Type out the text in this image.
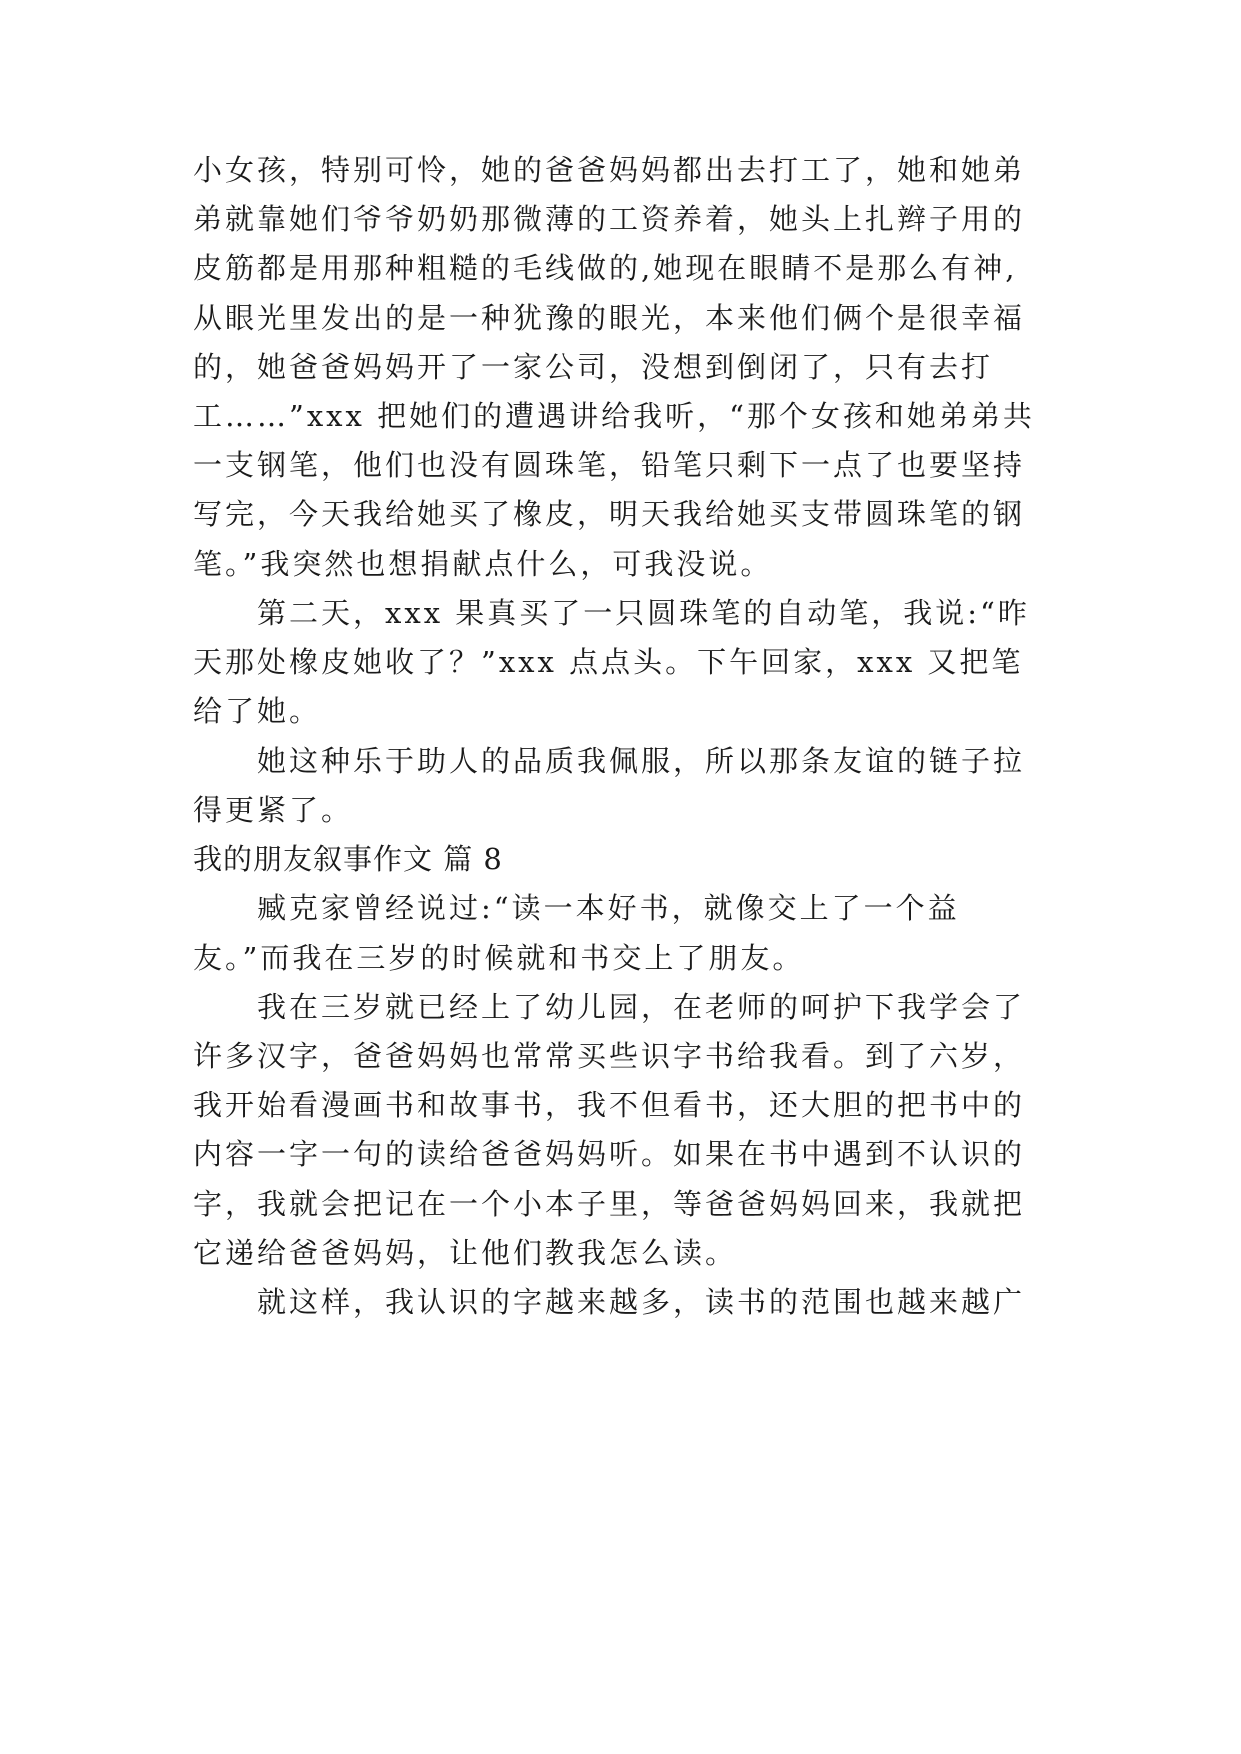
小女孩，特别可怜，她的爸爸妈妈都出去打工了，她和她弟
弟就靠她们爷爷奶奶那微薄的工资养着，她头上扎辫子用的
皮筋都是用那种粗糙的毛线做的,她现在眼睛不是那么有神,
从眼光里发出的是一种犹豫的眼光，本来他们俩个是很幸福
的，她爸爸妈妈开了一家公司，没想到倒闭了，只有去打
工……”xxx 把她们的遭遇讲给我听，“那个女孩和她弟弟共
一支钢笔，他们也没有圆珠笔，铅笔只剩下一点了也要坚持
写完，今天我给她买了橡皮，明天我给她买支带圆珠笔的钢
笔。”我突然也想捐献点什么，可我没说。
第二天，xxx 果真买了一只圆珠笔的自动笔，我说:“昨
天那处橡皮她收了？”xxx 点点头。下午回家，xxx 又把笔
给了她。
她这种乐于助人的品质我佩服，所以那条友谊的链子拉
得更紧了。
我的朋友叙事作文 篇 8
臧克家曾经说过:“读一本好书，就像交上了一个益
友。”而我在三岁的时候就和书交上了朋友。
我在三岁就已经上了幼儿园，在老师的呵护下我学会了
许多汉字，爸爸妈妈也常常买些识字书给我看。到了六岁，
我开始看漫画书和故事书，我不但看书，还大胆的把书中的
内容一字一句的读给爸爸妈妈听。如果在书中遇到不认识的
字，我就会把记在一个小本子里，等爸爸妈妈回来，我就把
它递给爸爸妈妈，让他们教我怎么读。
就这样，我认识的字越来越多，读书的范围也越来越广
